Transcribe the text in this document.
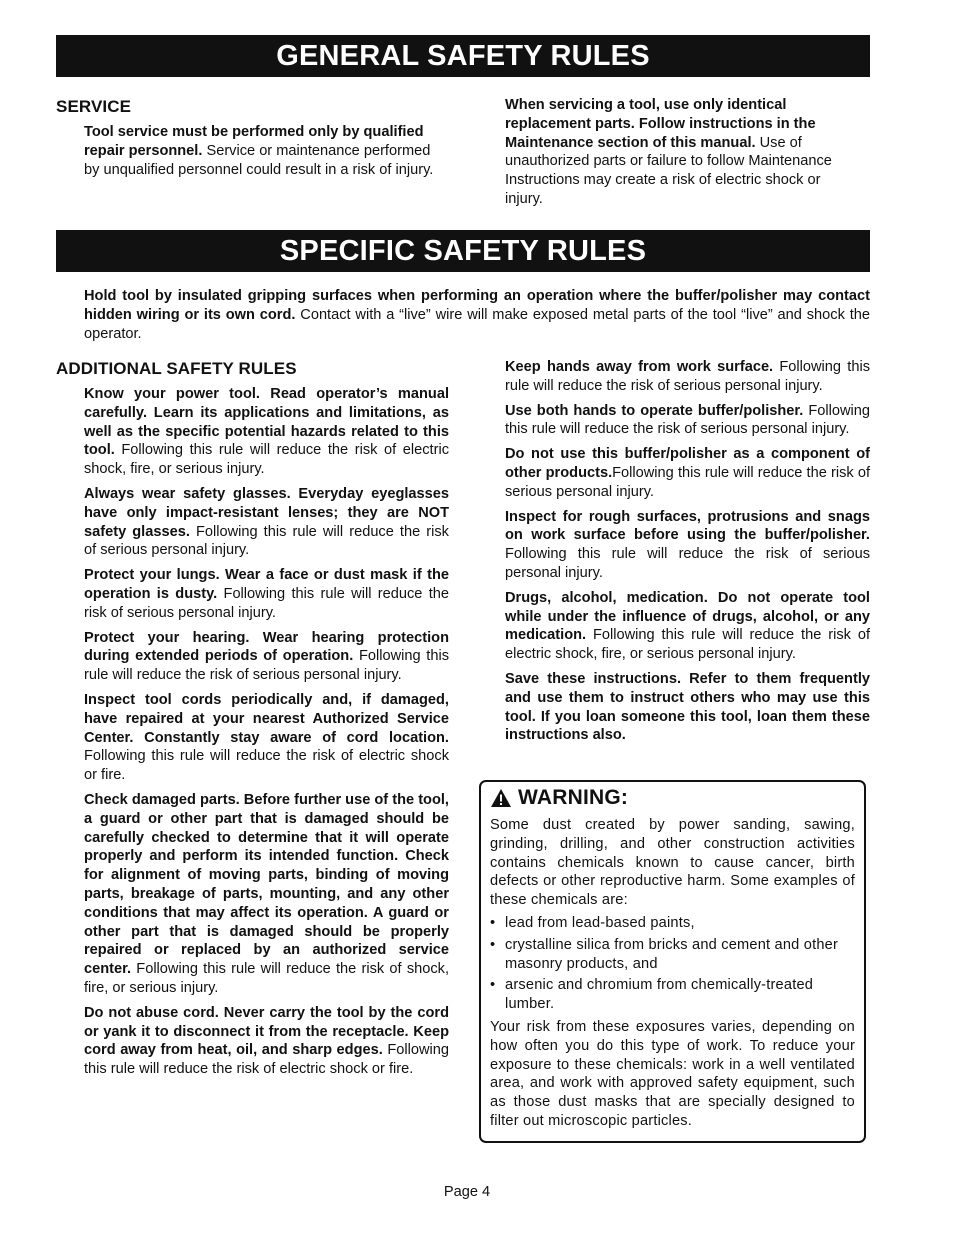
GENERAL SAFETY RULES
SERVICE

Tool service must be performed only by qualified repair personnel. Service or maintenance performed by unqualified personnel could result in a risk of injury.

When servicing a tool, use only identical replacement parts. Follow instructions in the Maintenance section of this manual. Use of unauthorized parts or failure to follow Maintenance Instructions may create a risk of electric shock or injury.

SPECIFIC SAFETY RULES

Hold tool by insulated gripping surfaces when performing an operation where the buffer/polisher may contact hidden wiring or its own cord. Contact with a “live” wire will make exposed metal parts of the tool “live” and shock the operator.

ADDITIONAL SAFETY RULES

Know your power tool. Read operator’s manual carefully. Learn its applications and limitations, as well as the specific potential hazards related to this tool. Following this rule will reduce the risk of electric shock, fire, or serious injury.

Always wear safety glasses. Everyday eyeglasses have only impact-resistant lenses; they are NOT safety glasses. Following this rule will reduce the risk of serious personal injury.

Protect your lungs. Wear a face or dust mask if the operation is dusty. Following this rule will reduce the risk of serious personal injury.

Protect your hearing. Wear hearing protection during extended periods of operation. Following this rule will reduce the risk of serious personal injury.

Inspect tool cords periodically and, if damaged, have repaired at your nearest Authorized Service Center. Constantly stay aware of cord location. Following this rule will reduce the risk of electric shock or fire.

Check damaged parts. Before further use of the tool, a guard or other part that is damaged should be carefully checked to determine that it will operate properly and perform its intended function. Check for alignment of moving parts, binding of moving parts, breakage of parts, mounting, and any other conditions that may affect its operation. A guard or other part that is damaged should be properly repaired or replaced by an authorized service center. Following this rule will reduce the risk of shock, fire, or serious injury.

Do not abuse cord. Never carry the tool by the cord or yank it to disconnect it from the receptacle. Keep cord away from heat, oil, and sharp edges. Following this rule will reduce the risk of electric shock or fire.

Keep hands away from work surface. Following this rule will reduce the risk of serious personal injury.

Use both hands to operate buffer/polisher. Following this rule will reduce the risk of serious personal injury.

Do not use this buffer/polisher as a component of other products.Following this rule will reduce the risk of serious personal injury.

Inspect for rough surfaces, protrusions and snags on work surface before using the buffer/polisher. Following this rule will reduce the risk of serious personal injury.

Drugs, alcohol, medication. Do not operate tool while under the influence of drugs, alcohol, or any medication. Following this rule will reduce the risk of electric shock, fire, or serious personal injury.

Save these instructions. Refer to them frequently and use them to instruct others who may use this tool. If you loan someone this tool, loan them these instructions also.

WARNING:

Some dust created by power sanding, sawing, grinding, drilling, and other construction activities contains chemicals known to cause cancer, birth defects or other reproductive harm. Some examples of these chemicals are:

• lead from lead-based paints,
• crystalline silica from bricks and cement and other masonry products, and
• arsenic and chromium from chemically-treated lumber.

Your risk from these exposures varies, depending on how often you do this type of work. To reduce your exposure to these chemicals: work in a well ventilated area, and work with approved safety equipment, such as those dust masks that are specially designed to filter out microscopic particles.

Page 4
